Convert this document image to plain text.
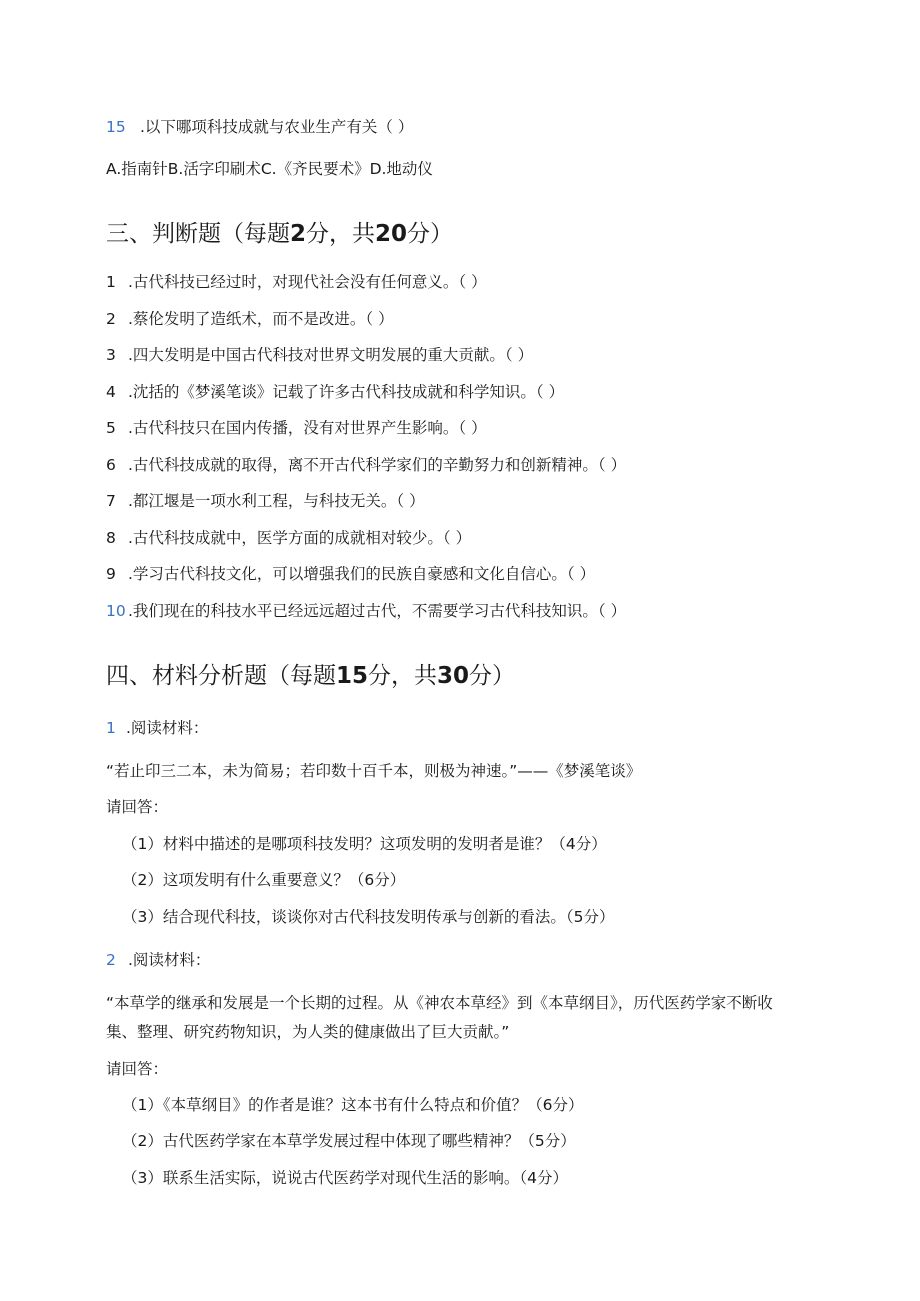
15 .以下哪项科技成就与农业生产有关（ ）
A.指南针B.活字印刷术C.《齐民要术》D.地动仪
三、判断题（每题2分，共20分）
1 .古代科技已经过时，对现代社会没有任何意义。（ ）
2 .蔡伦发明了造纸术，而不是改进。（ ）
3 .四大发明是中国古代科技对世界文明发展的重大贡献。（ ）
4 .沈括的《梦溪笔谈》记载了许多古代科技成就和科学知识。（ ）
5 .古代科技只在国内传播，没有对世界产生影响。（ ）
6 .古代科技成就的取得，离不开古代科学家们的辛勤努力和创新精神。（ ）
7 .都江堰是一项水利工程，与科技无关。（ ）
8 .古代科技成就中，医学方面的成就相对较少。（ ）
9 .学习古代科技文化，可以增强我们的民族自豪感和文化自信心。（ ）
10 .我们现在的科技水平已经远远超过古代，不需要学习古代科技知识。（ ）
四、材料分析题（每题15分，共30分）
1 .阅读材料：
“若止印三二本，未为简易；若印数十百千本，则极为神速。”——《梦溪笔谈》
请回答：
（1）材料中描述的是哪项科技发明？这项发明的发明者是谁？（4分）
（2）这项发明有什么重要意义？（6分）
（3）结合现代科技，谈谈你对古代科技发明传承与创新的看法。（5分）
2 .阅读材料：
“本草学的继承和发展是一个长期的过程。从《神农本草经》到《本草纲目》，历代医药学家不断收
集、整理、研究药物知识，为人类的健康做出了巨大贡献。”
请回答：
（1）《本草纲目》的作者是谁？这本书有什么特点和价值？（6分）
（2）古代医药学家在本草学发展过程中体现了哪些精神？（5分）
（3）联系生活实际，说说古代医药学对现代生活的影响。（4分）
